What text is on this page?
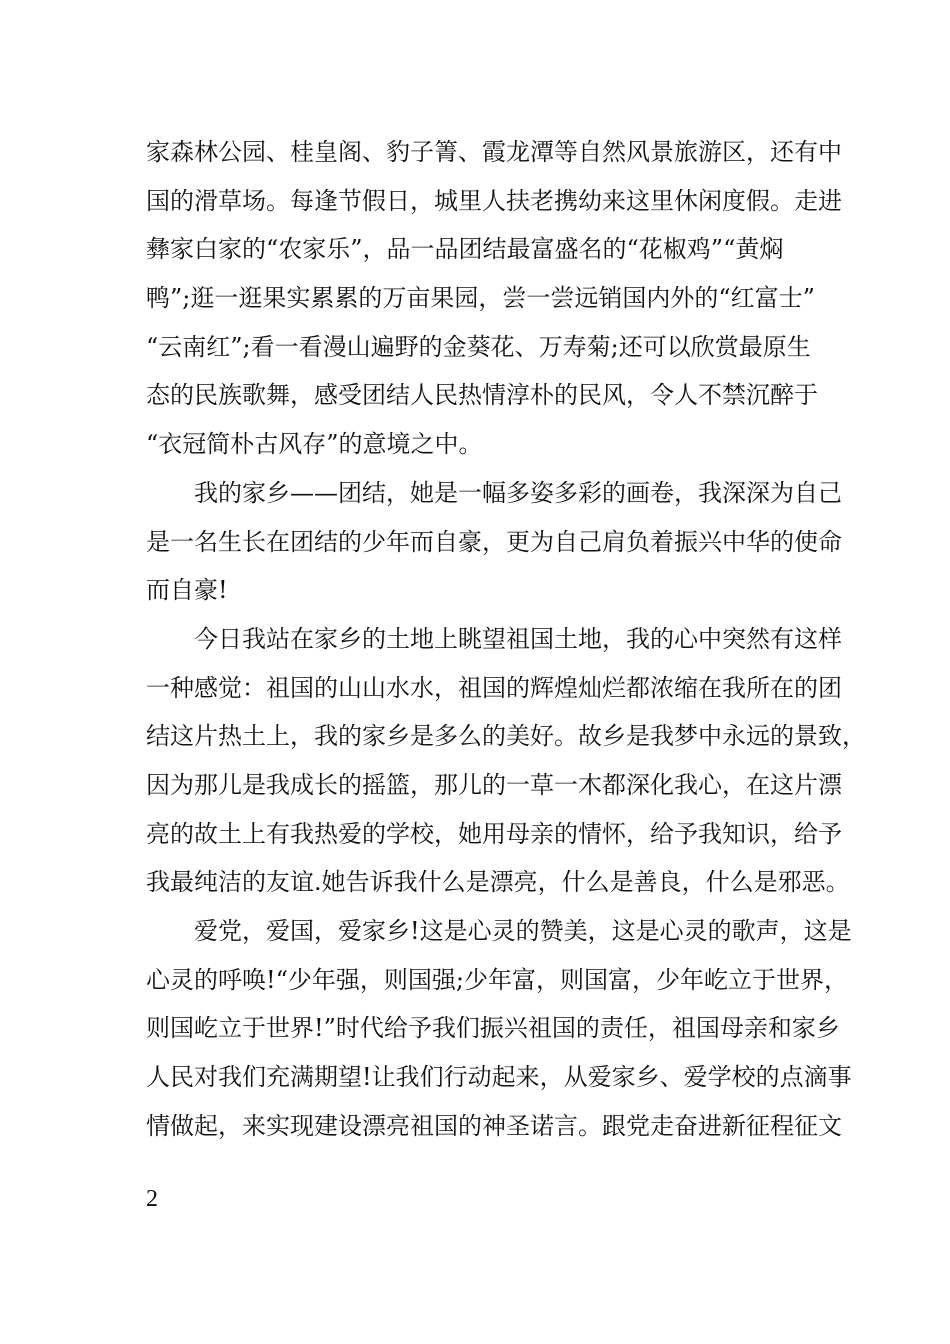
家森林公园、桂皇阁、豹子箐、霞龙潭等自然风景旅游区，还有中
国的滑草场。每逢节假日，城里人扶老携幼来这里休闲度假。走进
彝家白家的“农家乐”，品一品团结最富盛名的“花椒鸡”“黄焖
鸭”;逛一逛果实累累的万亩果园，尝一尝远销国内外的“红富士”
“云南红”;看一看漫山遍野的金葵花、万寿菊;还可以欣赏最原生
态的民族歌舞，感受团结人民热情淳朴的民风，令人不禁沉醉于
“衣冠简朴古风存”的意境之中。
我的家乡——团结，她是一幅多姿多彩的画卷，我深深为自己
是一名生长在团结的少年而自豪，更为自己肩负着振兴中华的使命
而自豪!
今日我站在家乡的土地上眺望祖国土地，我的心中突然有这样
一种感觉：祖国的山山水水，祖国的辉煌灿烂都浓缩在我所在的团
结这片热土上，我的家乡是多么的美好。故乡是我梦中永远的景致，
因为那儿是我成长的摇篮，那儿的一草一木都深化我心，在这片漂
亮的故土上有我热爱的学校，她用母亲的情怀，给予我知识，给予
我最纯洁的友谊.她告诉我什么是漂亮，什么是善良，什么是邪恶。
爱党，爱国，爱家乡!这是心灵的赞美，这是心灵的歌声，这是
心灵的呼唤!“少年强，则国强;少年富，则国富，少年屹立于世界，
则国屹立于世界!”时代给予我们振兴祖国的责任，祖国母亲和家乡
人民对我们充满期望!让我们行动起来，从爱家乡、爱学校的点滴事
情做起，来实现建设漂亮祖国的神圣诺言。跟党走奋进新征程征文
2
